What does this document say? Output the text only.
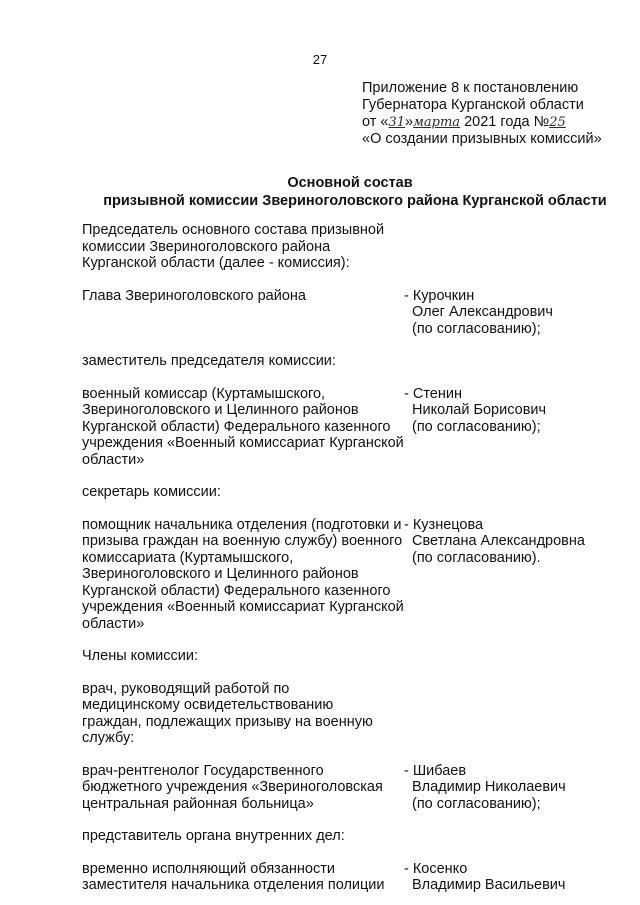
27
Приложение 8 к постановлению
Губернатора Курганской области
от «31»марта 2021 года №25
«О создании призывных комиссий»
Основной состав
призывной комиссии Звериноголовского района Курганской области
Председатель основного состава призывной комиссии Звериноголовского района Курганской области (далее - комиссия):
Глава Звериноголовского района	- Курочкин
Олег Александрович
(по согласованию);
заместитель председателя комиссии:
военный комиссар (Куртамышского, Звериноголовского и Целинного районов Курганской области) Федерального казенного учреждения «Военный комиссариат Курганской области»
- Стенин
Николай Борисович
(по согласованию);
секретарь комиссии:
помощник начальника отделения (подготовки и призыва граждан на военную службу) военного комиссариата (Куртамышского, Звериноголовского и Целинного районов Курганской области) Федерального казенного учреждения «Военный комиссариат Курганской области»
- Кузнецова
Светлана Александровна
(по согласованию).
Члены комиссии:
врач, руководящий работой по медицинскому освидетельствованию граждан, подлежащих призыву на военную службу:
врач-рентгенолог Государственного бюджетного учреждения «Звериноголовская центральная районная больница»
- Шибаев
Владимир Николаевич
(по согласованию);
представитель органа внутренних дел:
временно исполняющий обязанности заместителя начальника отделения полиции
- Косенко
Владимир Васильевич
